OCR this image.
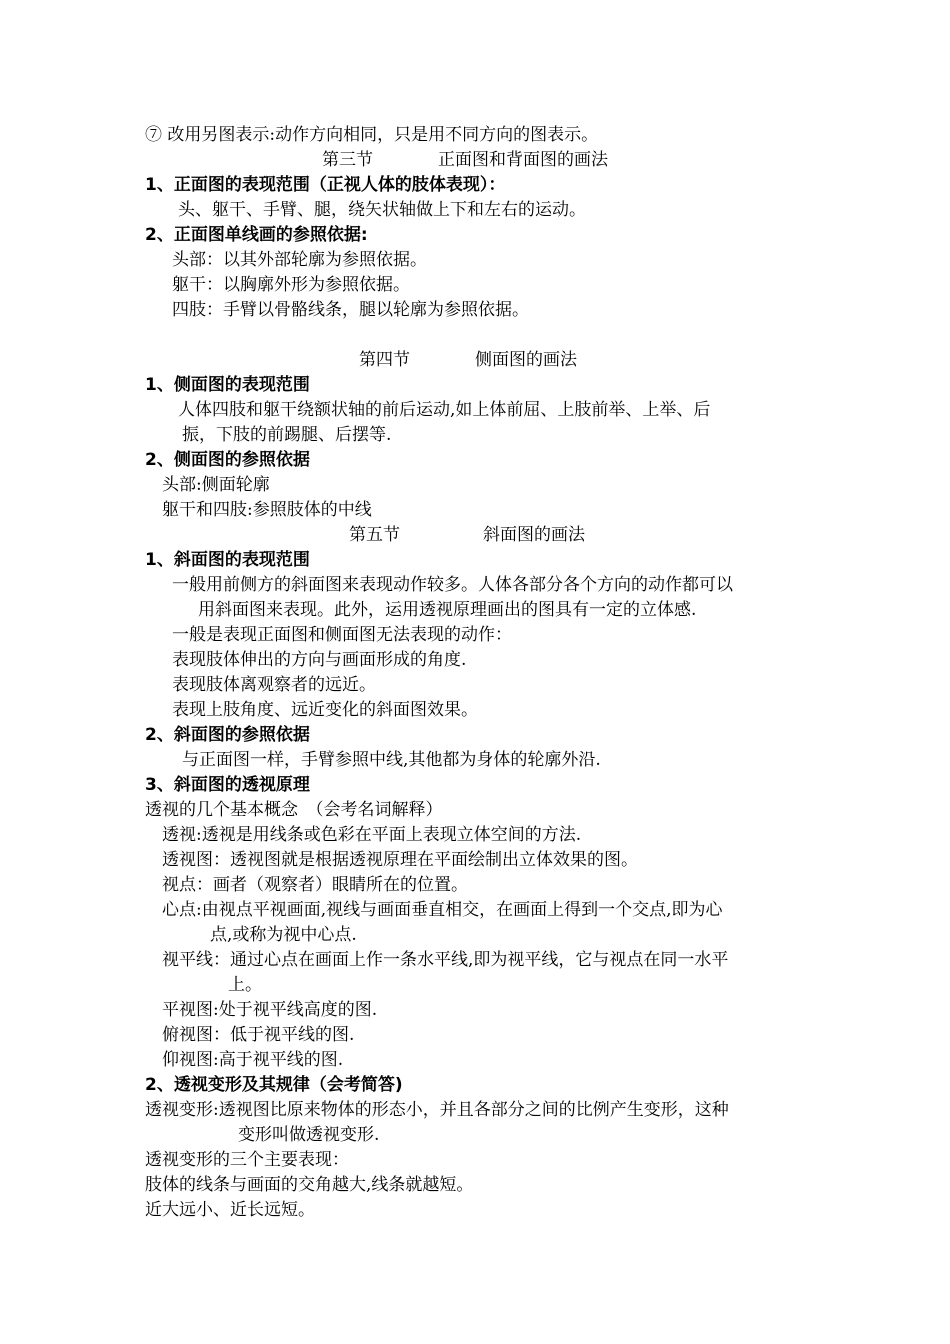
⑦ 改用另图表示:动作方向相同，只是用不同方向的图表示。
第三节	正面图和背面图的画法
1、正面图的表现范围（正视人体的肢体表现）：
头、躯干、手臂、腿，绕矢状轴做上下和左右的运动。
2、正面图单线画的参照依据:
头部：以其外部轮廓为参照依据。
躯干：以胸廓外形为参照依据。
四肢：手臂以骨骼线条，腿以轮廓为参照依据。
第四节	侧面图的画法
1、侧面图的表现范围
人体四肢和躯干绕额状轴的前后运动,如上体前屈、上肢前举、上举、后
振，下肢的前踢腿、后摆等.
2、侧面图的参照依据
头部:侧面轮廓
躯干和四肢:参照肢体的中线
第五节	斜面图的画法
1、斜面图的表现范围
一般用前侧方的斜面图来表现动作较多。人体各部分各个方向的动作都可以
用斜面图来表现。此外，运用透视原理画出的图具有一定的立体感.
一般是表现正面图和侧面图无法表现的动作：
表现肢体伸出的方向与画面形成的角度.
表现肢体离观察者的远近。
表现上肢角度、远近变化的斜面图效果。
2、斜面图的参照依据
与正面图一样，手臂参照中线,其他都为身体的轮廓外沿.
3、斜面图的透视原理
透视的几个基本概念　（会考名词解释）
透视:透视是用线条或色彩在平面上表现立体空间的方法.
透视图：透视图就是根据透视原理在平面绘制出立体效果的图。
视点：画者（观察者）眼睛所在的位置。
心点:由视点平视画面,视线与画面垂直相交，在画面上得到一个交点,即为心
点,或称为视中心点.
视平线：通过心点在画面上作一条水平线,即为视平线，它与视点在同一水平
上。
平视图:处于视平线高度的图.
俯视图：低于视平线的图.
仰视图:高于视平线的图.
2、透视变形及其规律（会考简答)
透视变形:透视图比原来物体的形态小，并且各部分之间的比例产生变形，这种
变形叫做透视变形.
透视变形的三个主要表现：
肢体的线条与画面的交角越大,线条就越短。
近大远小、近长远短。
